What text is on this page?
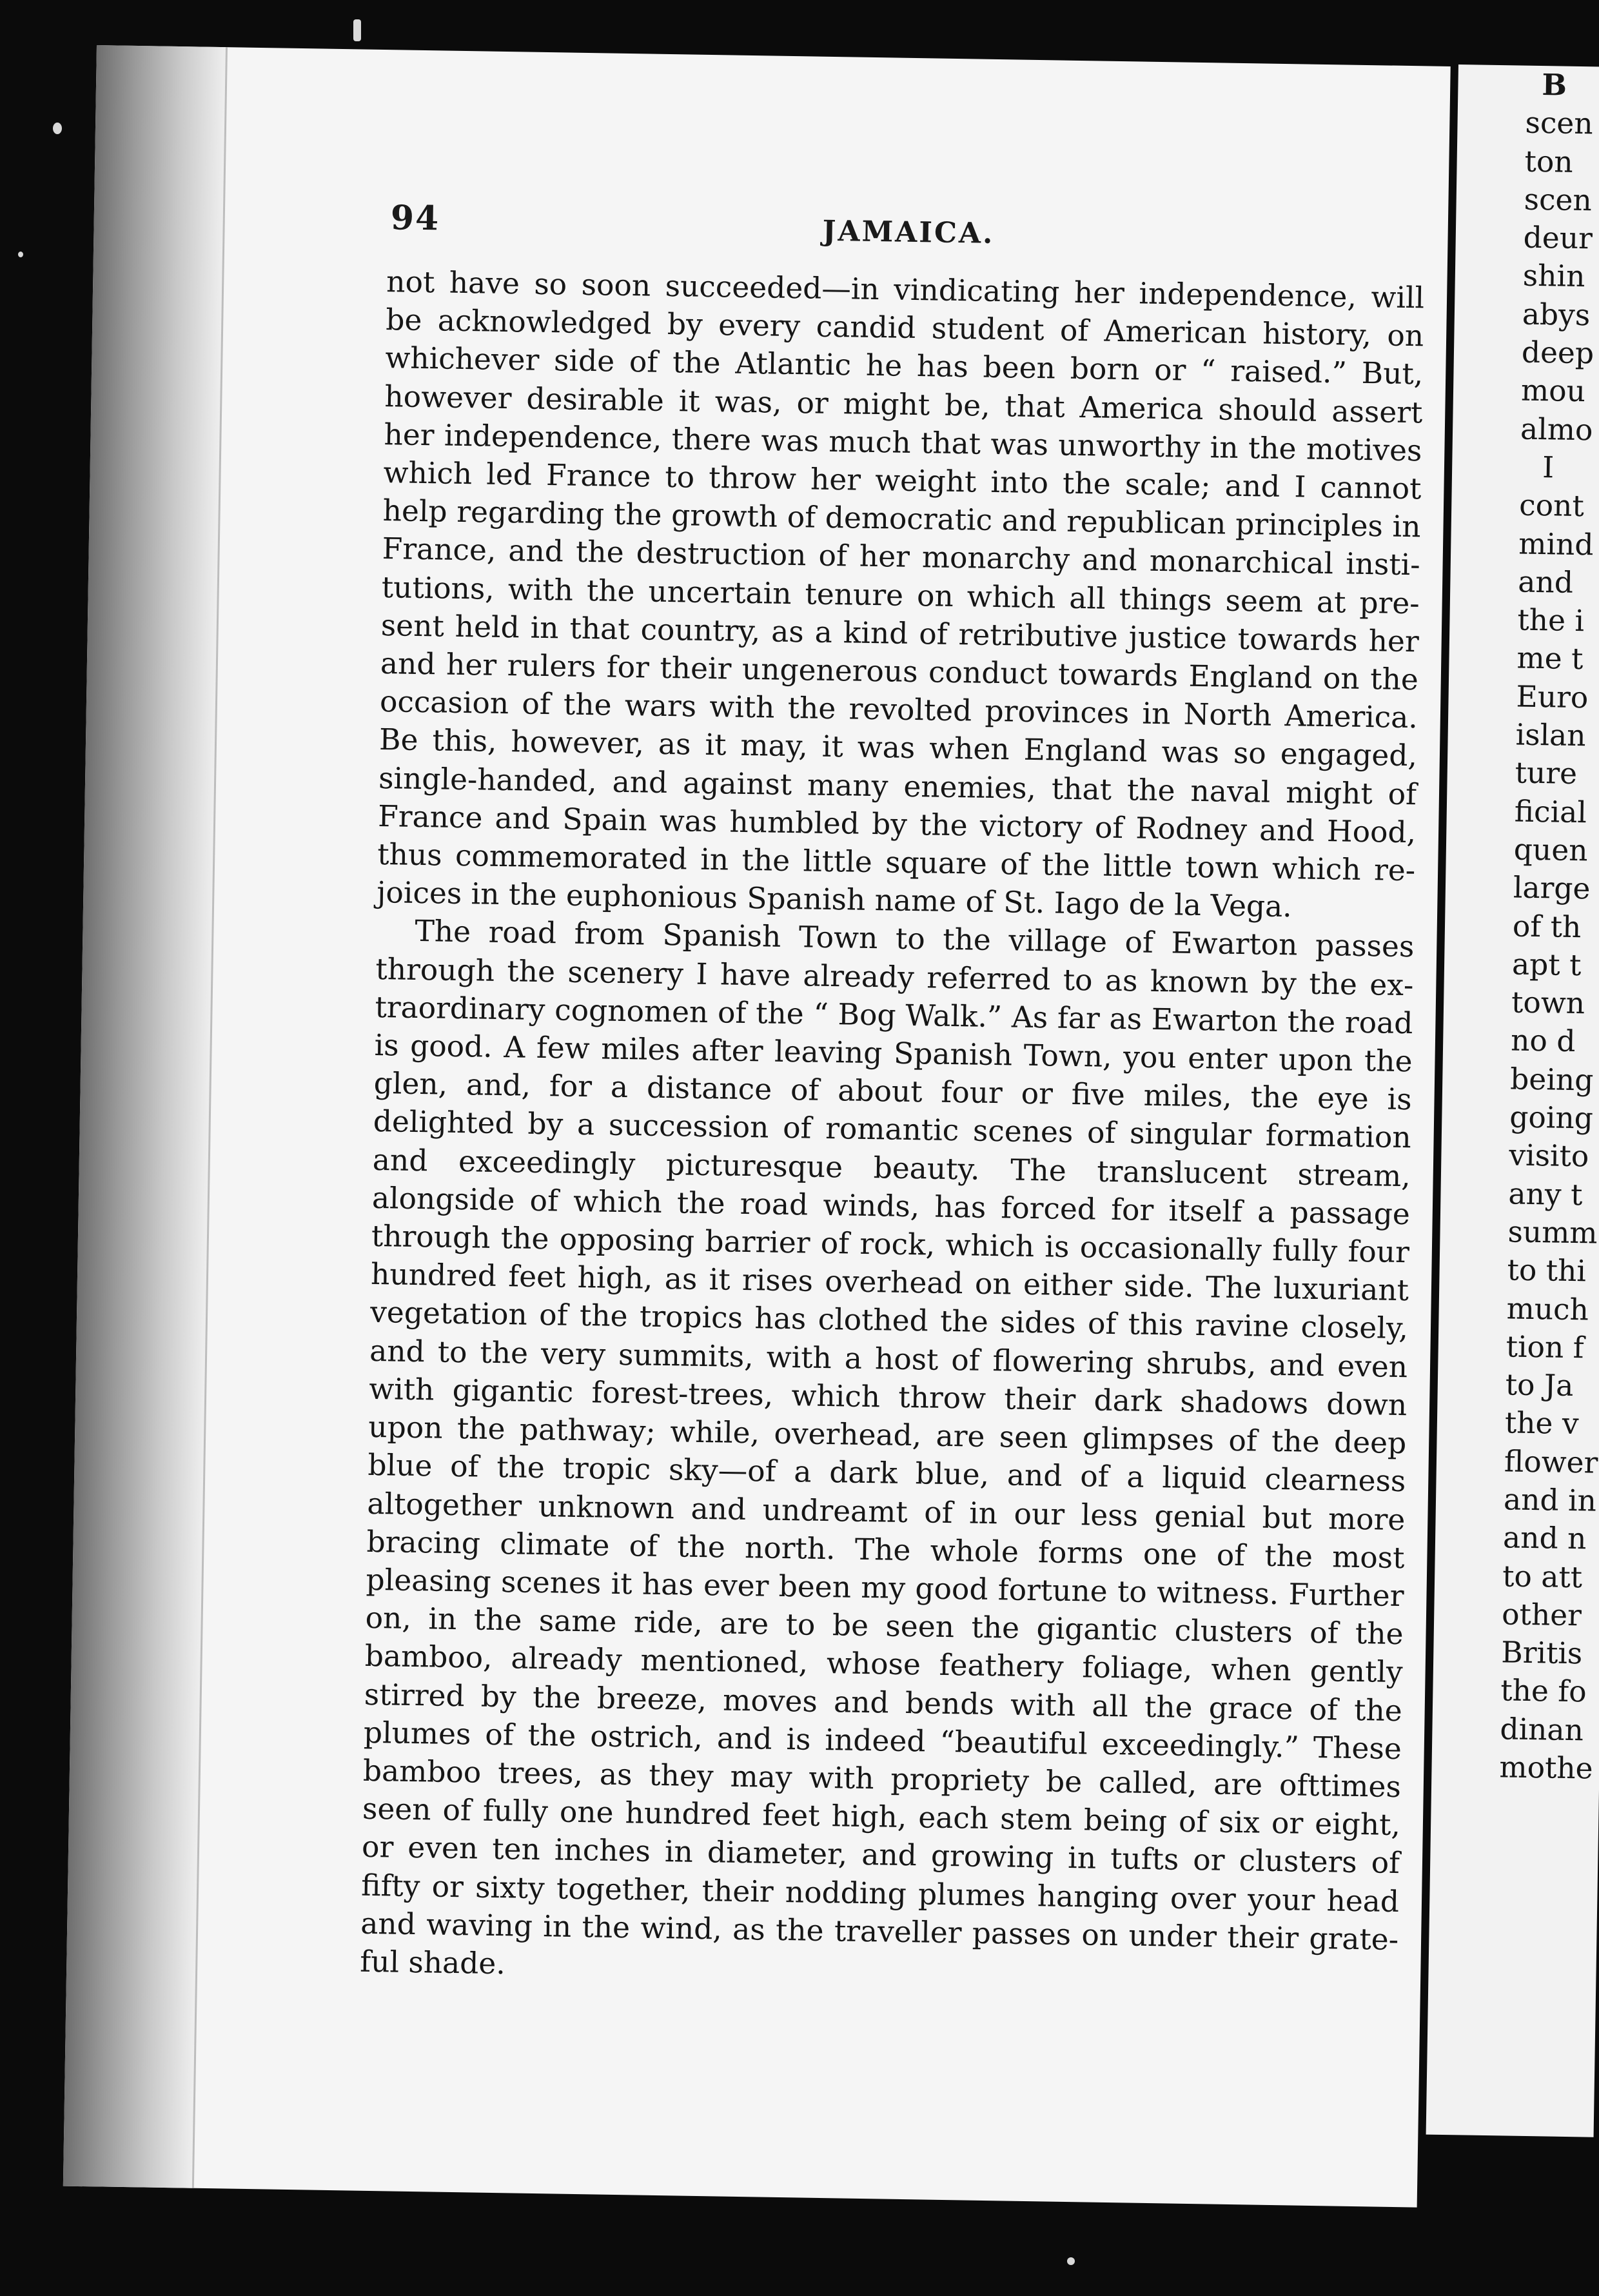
94	JAMAICA.

not have so soon succeeded—in vindicating her independence, will be acknowledged by every candid student of American history, on whichever side of the Atlantic he has been born or “ raised.” But, however desirable it was, or might be, that America should assert her independence, there was much that was unworthy in the motives which led France to throw her weight into the scale; and I cannot help regarding the growth of democratic and republican principles in France, and the destruction of her monarchy and monarchical institutions, with the uncertain tenure on which all things seem at present held in that country, as a kind of retributive justice towards her and her rulers for their ungenerous conduct towards England on the occasion of the wars with the revolted provinces in North America. Be this, however, as it may, it was when England was so engaged, single-handed, and against many enemies, that the naval might of France and Spain was humbled by the victory of Rodney and Hood, thus commemorated in the little square of the little town which rejoices in the euphonious Spanish name of St. Iago de la Vega.

The road from Spanish Town to the village of Ewarton passes through the scenery I have already referred to as known by the extraordinary cognomen of the “ Bog Walk.” As far as Ewarton the road is good. A few miles after leaving Spanish Town, you enter upon the glen, and, for a distance of about four or five miles, the eye is delighted by a succession of romantic scenes of singular formation and exceedingly picturesque beauty. The translucent stream, alongside of which the road winds, has forced for itself a passage through the opposing barrier of rock, which is occasionally fully four hundred feet high, as it rises overhead on either side. The luxuriant vegetation of the tropics has clothed the sides of this ravine closely, and to the very summits, with a host of flowering shrubs, and even with gigantic forest-trees, which throw their dark shadows down upon the pathway; while, overhead, are seen glimpses of the deep blue of the tropic sky—of a dark blue, and of a liquid clearness altogether unknown and undreamt of in our less genial but more bracing climate of the north. The whole forms one of the most pleasing scenes it has ever been my good fortune to witness. Further on, in the same ride, are to be seen the gigantic clusters of the bamboo, already mentioned, whose feathery foliage, when gently stirred by the breeze, moves and bends with all the grace of the plumes of the ostrich, and is indeed “beautiful exceedingly.” These bamboo trees, as they may with propriety be called, are ofttimes seen of fully one hundred feet high, each stem being of six or eight, or even ten inches in diameter, and growing in tufts or clusters of fifty or sixty together, their nodding plumes hanging over your head and waving in the wind, as the traveller passes on under their grateful shade.

B
scen
ton
scen
deur
shin
abys
deep
mou
almo
I
cont
mind
and
the i
me t
Euro
islan
ture
ficial
quen
large
of th
apt t
town
no d
being
going
visito
any t
summ
to thi
much
tion f
to Ja
the v
flower
and in
and n
to att
other
Britis
the fo
dinan
mothe
